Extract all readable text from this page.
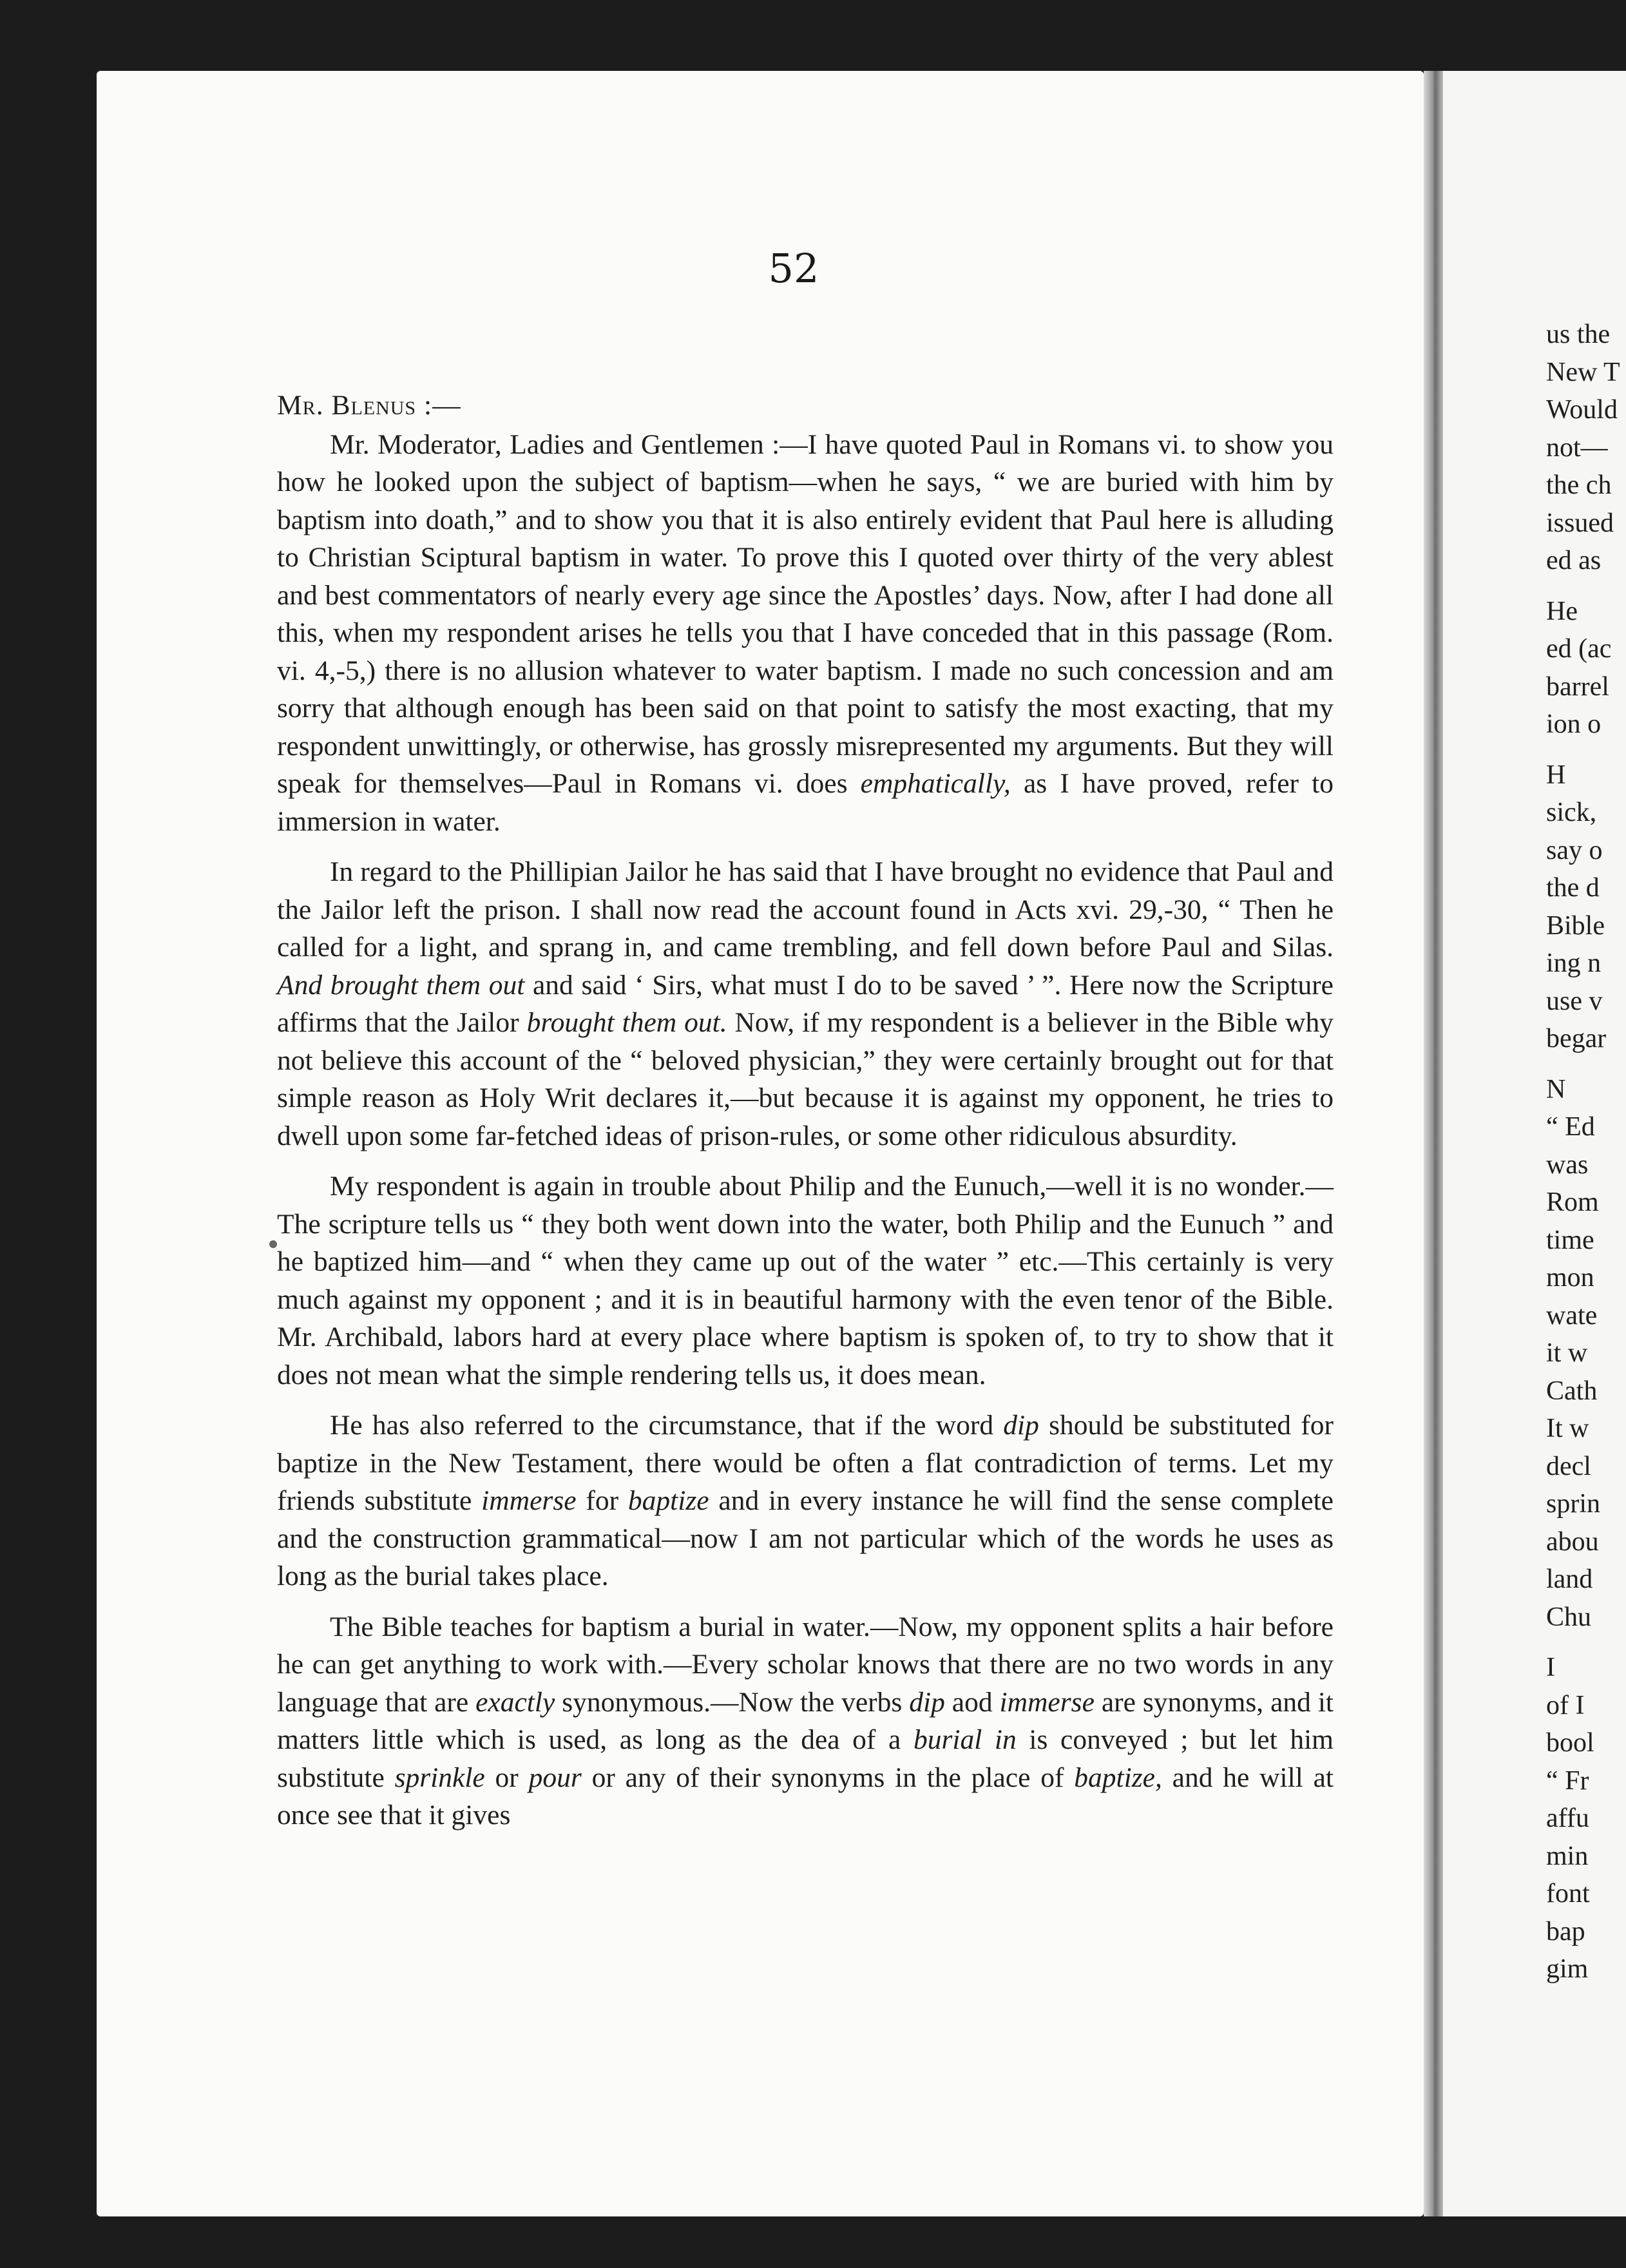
52

Mr. Blenus :—

Mr. Moderator, Ladies and Gentlemen :—I have quoted Paul in Romans vi. to show you how he looked upon the subject of baptism—when he says, “ we are buried with him by baptism into doath,” and to show you that it is also entirely evident that Paul here is alluding to Christian Sciptural baptism in water. To prove this I quoted over thirty of the very ablest and best commentators of nearly every age since the Apostles’ days. Now, after I had done all this, when my respondent arises he tells you that I have conceded that in this passage (Rom. vi. 4,-5,) there is no allusion whatever to water baptism. I made no such concession and am sorry that although enough has been said on that point to satisfy the most exacting, that my respondent unwittingly, or otherwise, has grossly misrepresented my arguments. But they will speak for themselves—Paul in Romans vi. does emphatically, as I have proved, refer to immersion in water.

In regard to the Phillipian Jailor he has said that I have brought no evidence that Paul and the Jailor left the prison. I shall now read the account found in Acts xvi. 29,-30, “ Then he called for a light, and sprang in, and came trembling, and fell down before Paul and Silas. And brought them out and said ‘ Sirs, what must I do to be saved ’ ”. Here now the Scripture affirms that the Jailor brought them out. Now, if my respondent is a believer in the Bible why not believe this account of the “ beloved physician,” they were certainly brought out for that simple reason as Holy Writ declares it,—but because it is against my opponent, he tries to dwell upon some far-fetched ideas of prison-rules, or some other ridiculous absurdity.

My respondent is again in trouble about Philip and the Eunuch,—well it is no wonder.—The scripture tells us “ they both went down into the water, both Philip and the Eunuch ” and he baptized him—and “ when they came up out of the water ” etc.—This certainly is very much against my opponent ; and it is in beautiful harmony with the even tenor of the Bible. Mr. Archibald, labors hard at every place where baptism is spoken of, to try to show that it does not mean what the simple rendering tells us, it does mean.

He has also referred to the circumstance, that if the word dip should be substituted for baptize in the New Testament, there would be often a flat contradiction of terms. Let my friends substitute immerse for baptize and in every instance he will find the sense complete and the construction grammatical—now I am not particular which of the words he uses as long as the burial takes place.

The Bible teaches for baptism a burial in water.—Now, my opponent splits a hair before he can get anything to work with.—Every scholar knows that there are no two words in any language that are exactly synonymous.—Now the verbs dip aod immerse are synonyms, and it matters little which is used, as long as the dea of a burial in is conveyed ; but let him substitute sprinkle or pour or any of their synonyms in the place of baptize, and he will at once see that it gives

us the
New T
Would
not—
the ch
issued
ed as
He
ed (ac
barrel
ion o
H
sick,
say o
the d
Bible
ing n
use v
begar
N
“ Ed
was
Rom
time
mon
wate
it w
Cath
It w
decl
sprin
abou
land
Chu
I
of I
bool
“ Fr
affu
min
font
bap
gim
